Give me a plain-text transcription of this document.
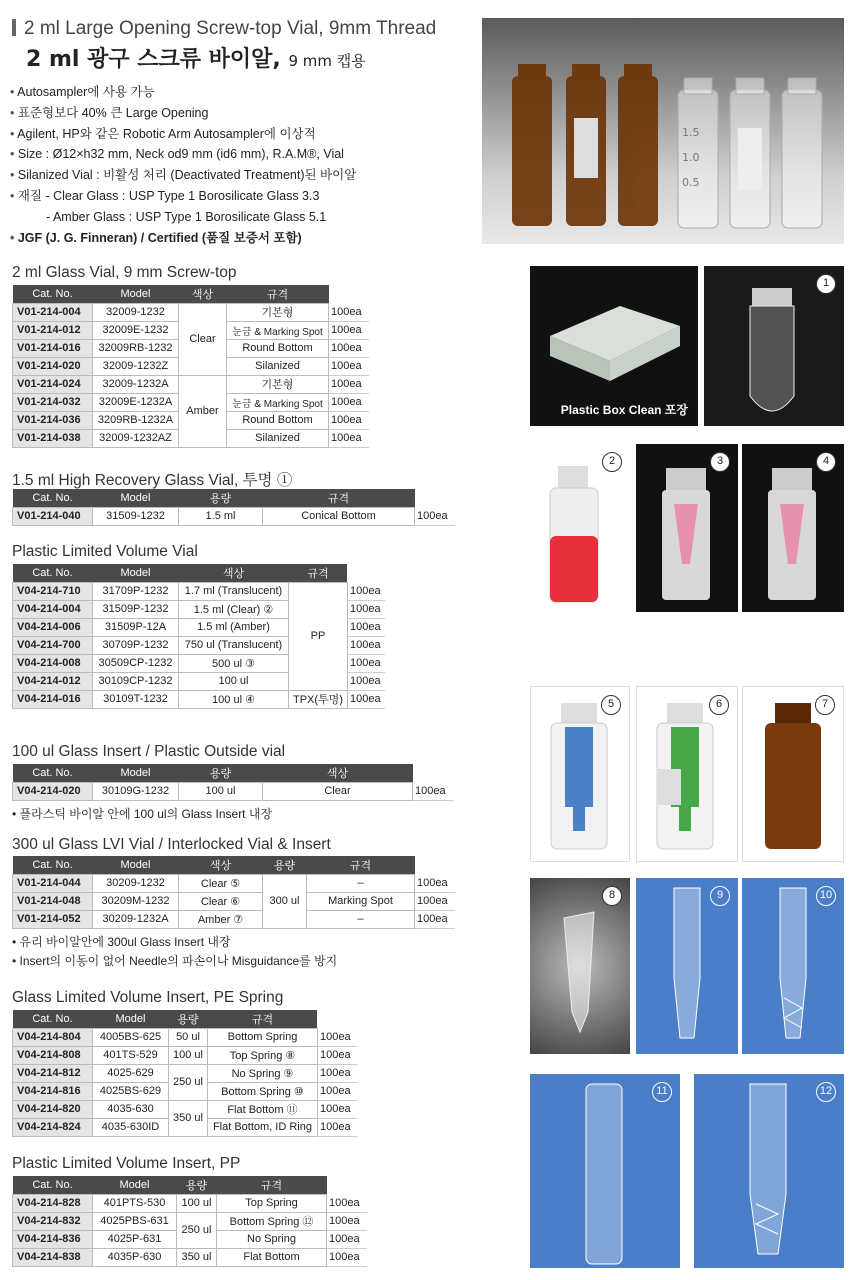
2 ml Large Opening Screw-top Vial, 9mm Thread
2 ml 광구 스크류 바이알, 9 mm 캡용
• Autosampler에 사용 가능
• 표준형보다 40% 큰 Large Opening
• Agilent, HP와 같은 Robotic Arm Autosampler에 이상적
• Size : Ø12×h32 mm, Neck od9 mm (id6 mm), R.A.M®, Vial
• Silanized Vial : 비활성 처리 (Deactivated Treatment)된 바이알
• 재질 - Clear Glass : USP Type 1 Borosilicate Glass 3.3
- Amber Glass : USP Type 1 Borosilicate Glass 5.1
• JGF (J. G. Finneran) / Certified (품질 보증서 포함)
2 ml Glass Vial, 9 mm Screw-top
Cat. No.	Model	색상	규격	
V01-214-004	32009-1232	Clear	기본형	100ea
V01-214-012	32009E-1232		눈금 & Marking Spot	100ea
V01-214-016	32009RB-1232		Round Bottom	100ea
V01-214-020	32009-1232Z		Silanized	100ea
V01-214-024	32009-1232A	Amber	기본형	100ea
V01-214-032	32009E-1232A		눈금 & Marking Spot	100ea
V01-214-036	3209RB-1232A		Round Bottom	100ea
V01-214-038	32009-1232AZ		Silanized	100ea
1.5 ml High Recovery Glass Vial, 투명 ①
Cat. No.	Model	용량	규격	
V01-214-040	31509-1232	1.5 ml	Conical Bottom	100ea
Plastic Limited Volume Vial
Cat. No.	Model	색상	규격	
V04-214-710	31709P-1232	1.7 ml (Translucent)	PP	100ea
V04-214-004	31509P-1232	1.5 ml (Clear) ②		100ea
V04-214-006	31509P-12A	1.5 ml (Amber)		100ea
V04-214-700	30709P-1232	750 ul (Translucent)		100ea
V04-214-008	30509CP-1232	500 ul ③		100ea
V04-214-012	30109CP-1232	100 ul		100ea
V04-214-016	30109T-1232	100 ul ④	TPX(투명)	100ea
100 ul Glass Insert / Plastic Outside vial
Cat. No.	Model	용량	색상	
V04-214-020	30109G-1232	100 ul	Clear	100ea
• 플라스틱 바이알 안에 100 ul의 Glass Insert 내장
300 ul Glass LVI Vial / Interlocked Vial & Insert
Cat. No.	Model	색상	용량	규격	
V01-214-044	30209-1232	Clear ⑤	300 ul	–	100ea
V01-214-048	30209M-1232	Clear ⑥		Marking Spot	100ea
V01-214-052	30209-1232A	Amber ⑦		–	100ea
• 유리 바이알안에 300ul Glass Insert 내장
• Insert의 이동이 없어 Needle의 파손이나 Misguidance를 방지
Glass Limited Volume Insert, PE Spring
Cat. No.	Model	용량	규격	
V04-214-804	4005BS-625	50 ul	Bottom Spring	100ea
V04-214-808	401TS-529	100 ul	Top Spring ⑧	100ea
V04-214-812	4025-629	250 ul	No Spring ⑨	100ea
V04-214-816	4025BS-629		Bottom Spring ⑩	100ea
V04-214-820	4035-630	350 ul	Flat Bottom ⑪	100ea
V04-214-824	4035-630ID		Flat Bottom, ID Ring	100ea
Plastic Limited Volume Insert, PP
Cat. No.	Model	용량	규격	
V04-214-828	401PTS-530	100 ul	Top Spring	100ea
V04-214-832	4025PBS-631	250 ul	Bottom Spring ⑫	100ea
V04-214-836	4025P-631		No Spring	100ea
V04-214-838	4035P-630	350 ul	Flat Bottom	100ea
1.5
1.0
0.5
Plastic Box Clean 포장
1
2	3	4
5	6	7
8	9	10
11	12
